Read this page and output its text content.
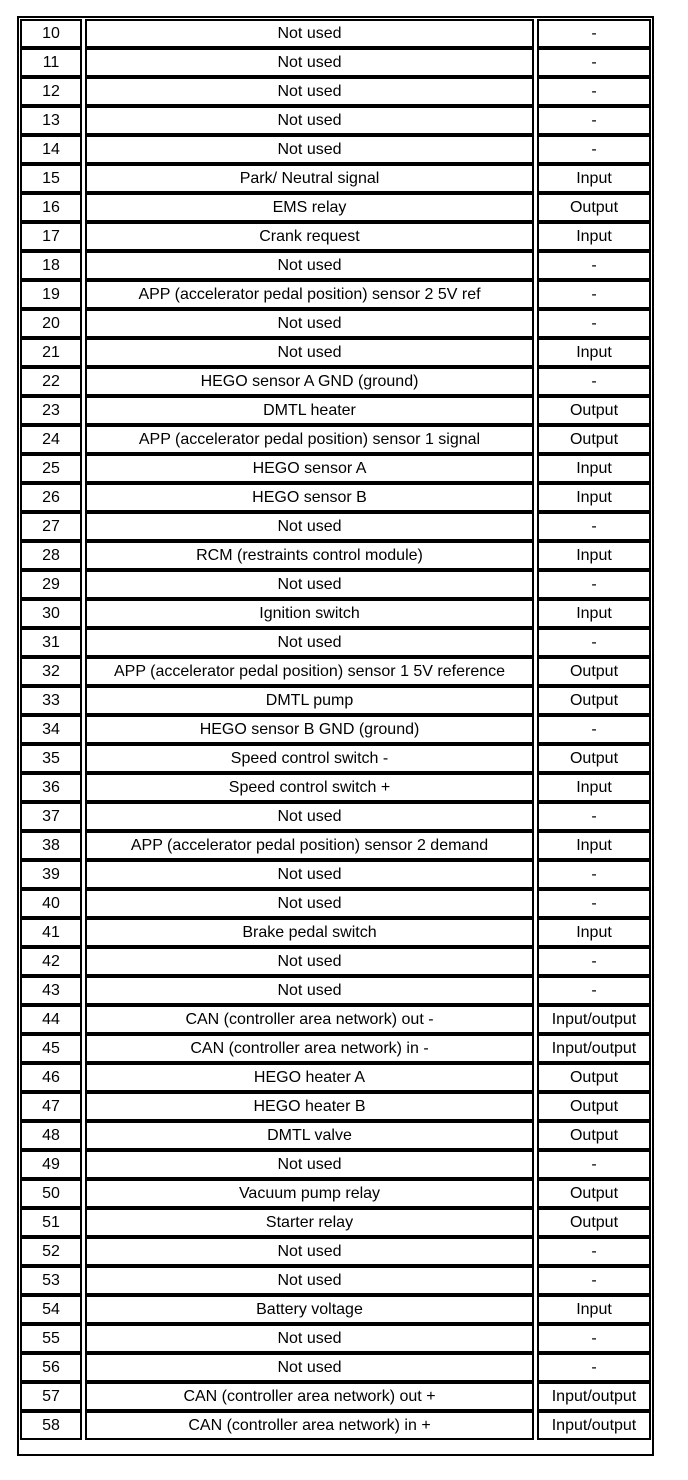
10		Not used		-
11		Not used		-
12		Not used		-
13		Not used		-
14		Not used		-
15		Park/ Neutral signal		Input
16		EMS relay		Output
17		Crank request		Input
18		Not used		-
19		APP (accelerator pedal position) sensor 2 5V ref		-
20		Not used		-
21		Not used		Input
22		HEGO sensor A GND (ground)		-
23		DMTL heater		Output
24		APP (accelerator pedal position) sensor 1 signal		Output
25		HEGO sensor A		Input
26		HEGO sensor B		Input
27		Not used		-
28		RCM (restraints control module)		Input
29		Not used		-
30		Ignition switch		Input
31		Not used		-
32		APP (accelerator pedal position) sensor 1 5V reference		Output
33		DMTL pump		Output
34		HEGO sensor B GND (ground)		-
35		Speed control switch -		Output
36		Speed control switch +		Input
37		Not used		-
38		APP (accelerator pedal position) sensor 2 demand		Input
39		Not used		-
40		Not used		-
41		Brake pedal switch		Input
42		Not used		-
43		Not used		-
44		CAN (controller area network) out -		Input/output
45		CAN (controller area network) in -		Input/output
46		HEGO heater A		Output
47		HEGO heater B		Output
48		DMTL valve		Output
49		Not used		-
50		Vacuum pump relay		Output
51		Starter relay		Output
52		Not used		-
53		Not used		-
54		Battery voltage		Input
55		Not used		-
56		Not used		-
57		CAN (controller area network) out +		Input/output
58		CAN (controller area network) in +		Input/output
